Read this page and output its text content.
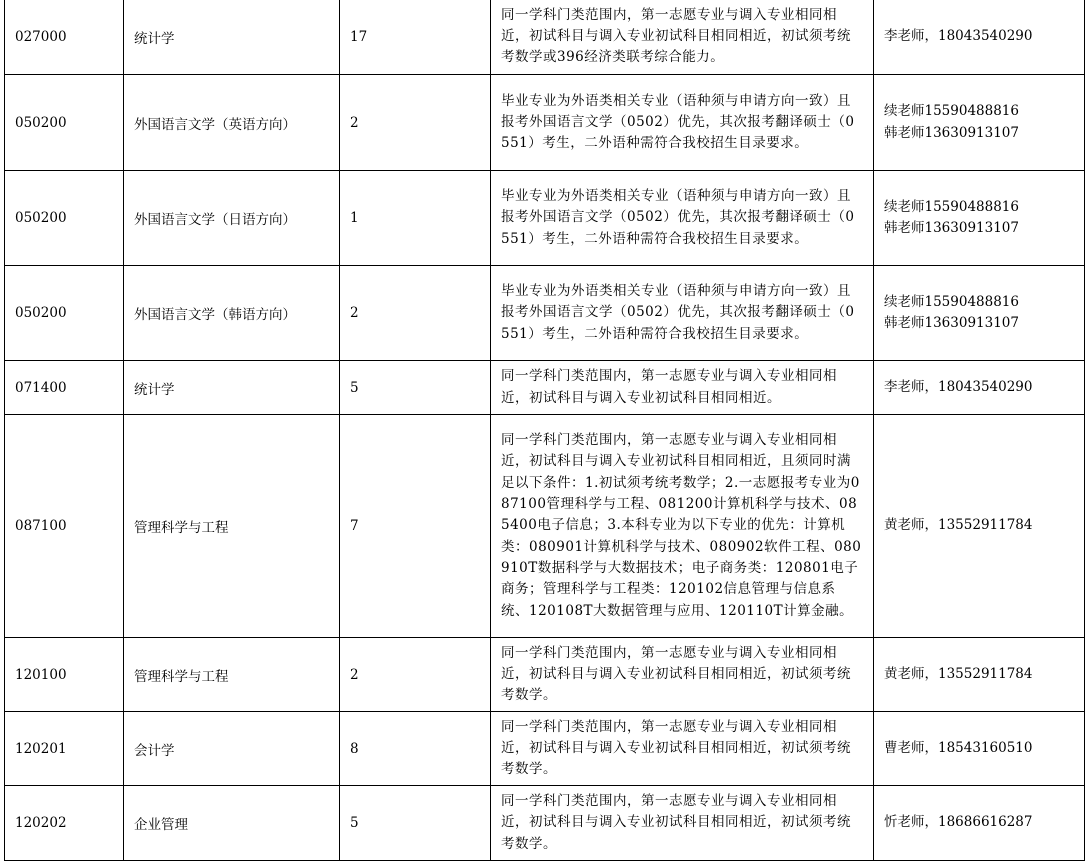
027000	统计学	17	同一学科门类范围内，第一志愿专业与调入专业相同相近，初试科目与调入专业初试科目相同相近，初试须考统考数学或396经济类联考综合能力。	李老师，18043540290
050200	外国语言文学（英语方向）	2	毕业专业为外语类相关专业（语种须与申请方向一致）且报考外国语言文学（0502）优先，其次报考翻译硕士（0551）考生，二外语种需符合我校招生目录要求。	续老师15590488816
韩老师13630913107
050200	外国语言文学（日语方向）	1	毕业专业为外语类相关专业（语种须与申请方向一致）且报考外国语言文学（0502）优先，其次报考翻译硕士（0551）考生，二外语种需符合我校招生目录要求。	续老师15590488816
韩老师13630913107
050200	外国语言文学（韩语方向）	2	毕业专业为外语类相关专业（语种须与申请方向一致）且报考外国语言文学（0502）优先，其次报考翻译硕士（0551）考生，二外语种需符合我校招生目录要求。	续老师15590488816
韩老师13630913107
071400	统计学	5	同一学科门类范围内，第一志愿专业与调入专业相同相近，初试科目与调入专业初试科目相同相近。	李老师，18043540290
087100	管理科学与工程	7	同一学科门类范围内，第一志愿专业与调入专业相同相近，初试科目与调入专业初试科目相同相近，且须同时满足以下条件：1.初试须考统考数学；2.一志愿报考专业为087100管理科学与工程、081200计算机科学与技术、085400电子信息；3.本科专业为以下专业的优先：计算机类：080901计算机科学与技术、080902软件工程、080910T数据科学与大数据技术；电子商务类：120801电子商务；管理科学与工程类：120102信息管理与信息系统、120108T大数据管理与应用、120110T计算金融。	黄老师，13552911784
120100	管理科学与工程	2	同一学科门类范围内，第一志愿专业与调入专业相同相近，初试科目与调入专业初试科目相同相近，初试须考统考数学。	黄老师，13552911784
120201	会计学	8	同一学科门类范围内，第一志愿专业与调入专业相同相近，初试科目与调入专业初试科目相同相近，初试须考统考数学。	曹老师，18543160510
120202	企业管理	5	同一学科门类范围内，第一志愿专业与调入专业相同相近，初试科目与调入专业初试科目相同相近，初试须考统考数学。	忻老师，18686616287
